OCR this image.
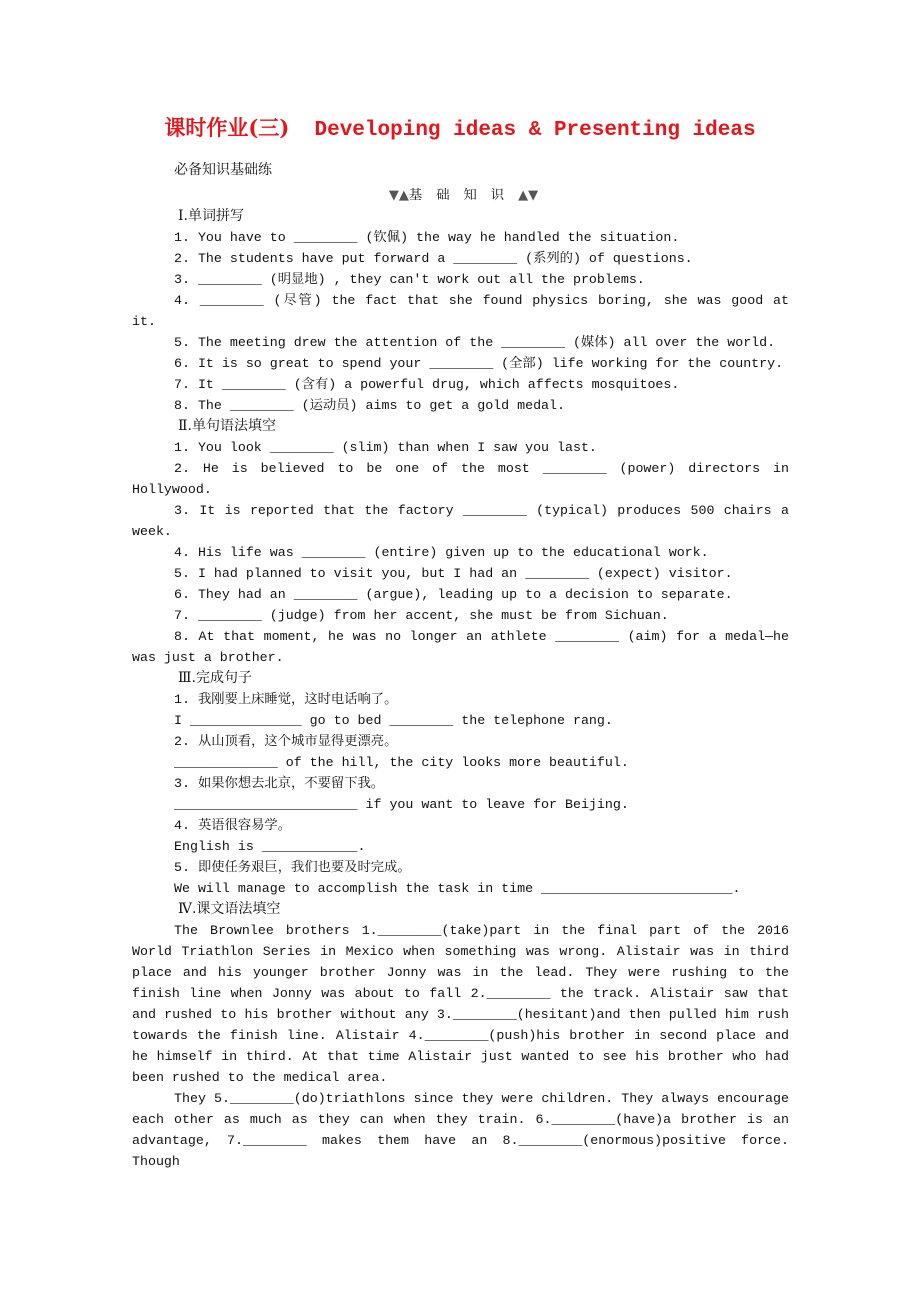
课时作业(三) Developing ideas & Presenting ideas
必备知识基础练
▼▲基础知识▲▼
Ⅰ.单词拼写

1. You have to ________ (钦佩) the way he handled the situation.

2. The students have put forward a ________ (系列的) of questions.

3. ________ (明显地) , they can't work out all the problems.

4. ________ (尽管) the fact that she found physics boring, she was good at it.

5. The meeting drew the attention of the ________ (媒体) all over the world.

6. It is so great to spend your ________ (全部) life working for the country.

7. It ________ (含有) a powerful drug, which affects mosquitoes.

8. The ________ (运动员) aims to get a gold medal.

Ⅱ.单句语法填空

1. You look ________ (slim) than when I saw you last.

2. He is believed to be one of the most ________ (power) directors in Hollywood.

3. It is reported that the factory ________ (typical) produces 500 chairs a week.

4. His life was ________ (entire) given up to the educational work.

5. I had planned to visit you, but I had an ________ (expect) visitor.

6. They had an ________ (argue), leading up to a decision to separate.

7. ________ (judge) from her accent, she must be from Sichuan.

8. At that moment, he was no longer an athlete ________ (aim) for a medal—he was just a brother.

Ⅲ.完成句子

1. 我刚要上床睡觉，这时电话响了。

I ______________ go to bed ________ the telephone rang.

2. 从山顶看，这个城市显得更漂亮。

_____________ of the hill, the city looks more beautiful.

3. 如果你想去北京，不要留下我。

_______________________ if you want to leave for Beijing.

4. 英语很容易学。

English is ____________.

5. 即使任务艰巨，我们也要及时完成。

We will manage to accomplish the task in time ________________________.

Ⅳ.课文语法填空

The Brownlee brothers 1.________(take)part in the final part of the 2016 World Triathlon Series in Mexico when something was wrong. Alistair was in third place and his younger brother Jonny was in the lead. They were rushing to the finish line when Jonny was about to fall 2.________ the track. Alistair saw that and rushed to his brother without any 3.________(hesitant)and then pulled him rush towards the finish line. Alistair 4.________(push)his brother in second place and he himself in third. At that time Alistair just wanted to see his brother who had been rushed to the medical area.

They 5.________(do)triathlons since they were children. They always encourage each other as much as they can when they train. 6.________(have)a brother is an advantage, 7.________ makes them have an 8.________(enormous)positive force. Though
